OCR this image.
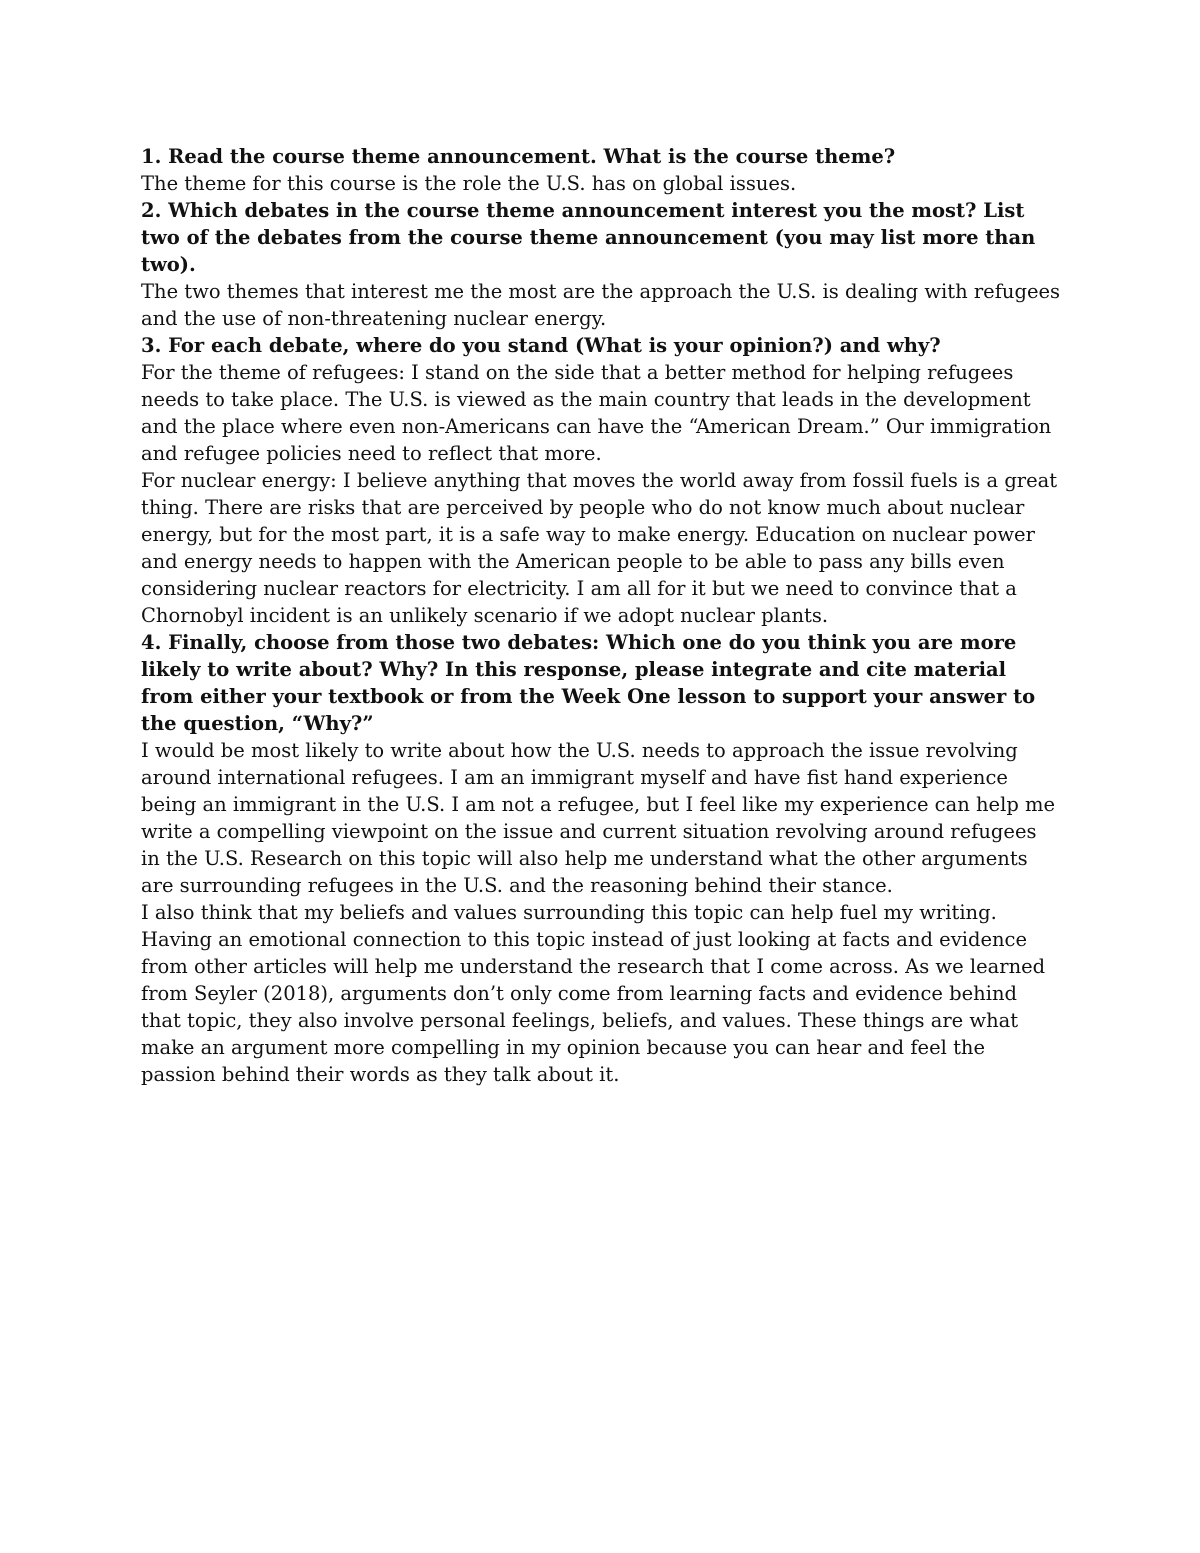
1. Read the course theme announcement. What is the course theme?

The theme for this course is the role the U.S. has on global issues.

2. Which debates in the course theme announcement interest you the most? List two of the debates from the course theme announcement (you may list more than two).

The two themes that interest me the most are the approach the U.S. is dealing with refugees and the use of non-threatening nuclear energy.

3. For each debate, where do you stand (What is your opinion?) and why?

For the theme of refugees: I stand on the side that a better method for helping refugees needs to take place. The U.S. is viewed as the main country that leads in the development and the place where even non-Americans can have the “American Dream.” Our immigration and refugee policies need to reflect that more.

For nuclear energy: I believe anything that moves the world away from fossil fuels is a great thing. There are risks that are perceived by people who do not know much about nuclear energy, but for the most part, it is a safe way to make energy. Education on nuclear power and energy needs to happen with the American people to be able to pass any bills even considering nuclear reactors for electricity. I am all for it but we need to convince that a Chornobyl incident is an unlikely scenario if we adopt nuclear plants.

4. Finally, choose from those two debates: Which one do you think you are more likely to write about? Why? In this response, please integrate and cite material from either your textbook or from the Week One lesson to support your answer to the question, “Why?”

I would be most likely to write about how the U.S. needs to approach the issue revolving around international refugees. I am an immigrant myself and have fist hand experience being an immigrant in the U.S. I am not a refugee, but I feel like my experience can help me write a compelling viewpoint on the issue and current situation revolving around refugees in the U.S. Research on this topic will also help me understand what the other arguments are surrounding refugees in the U.S. and the reasoning behind their stance.

I also think that my beliefs and values surrounding this topic can help fuel my writing. Having an emotional connection to this topic instead of just looking at facts and evidence from other articles will help me understand the research that I come across. As we learned from Seyler (2018), arguments don’t only come from learning facts and evidence behind that topic, they also involve personal feelings, beliefs, and values. These things are what make an argument more compelling in my opinion because you can hear and feel the passion behind their words as they talk about it.
